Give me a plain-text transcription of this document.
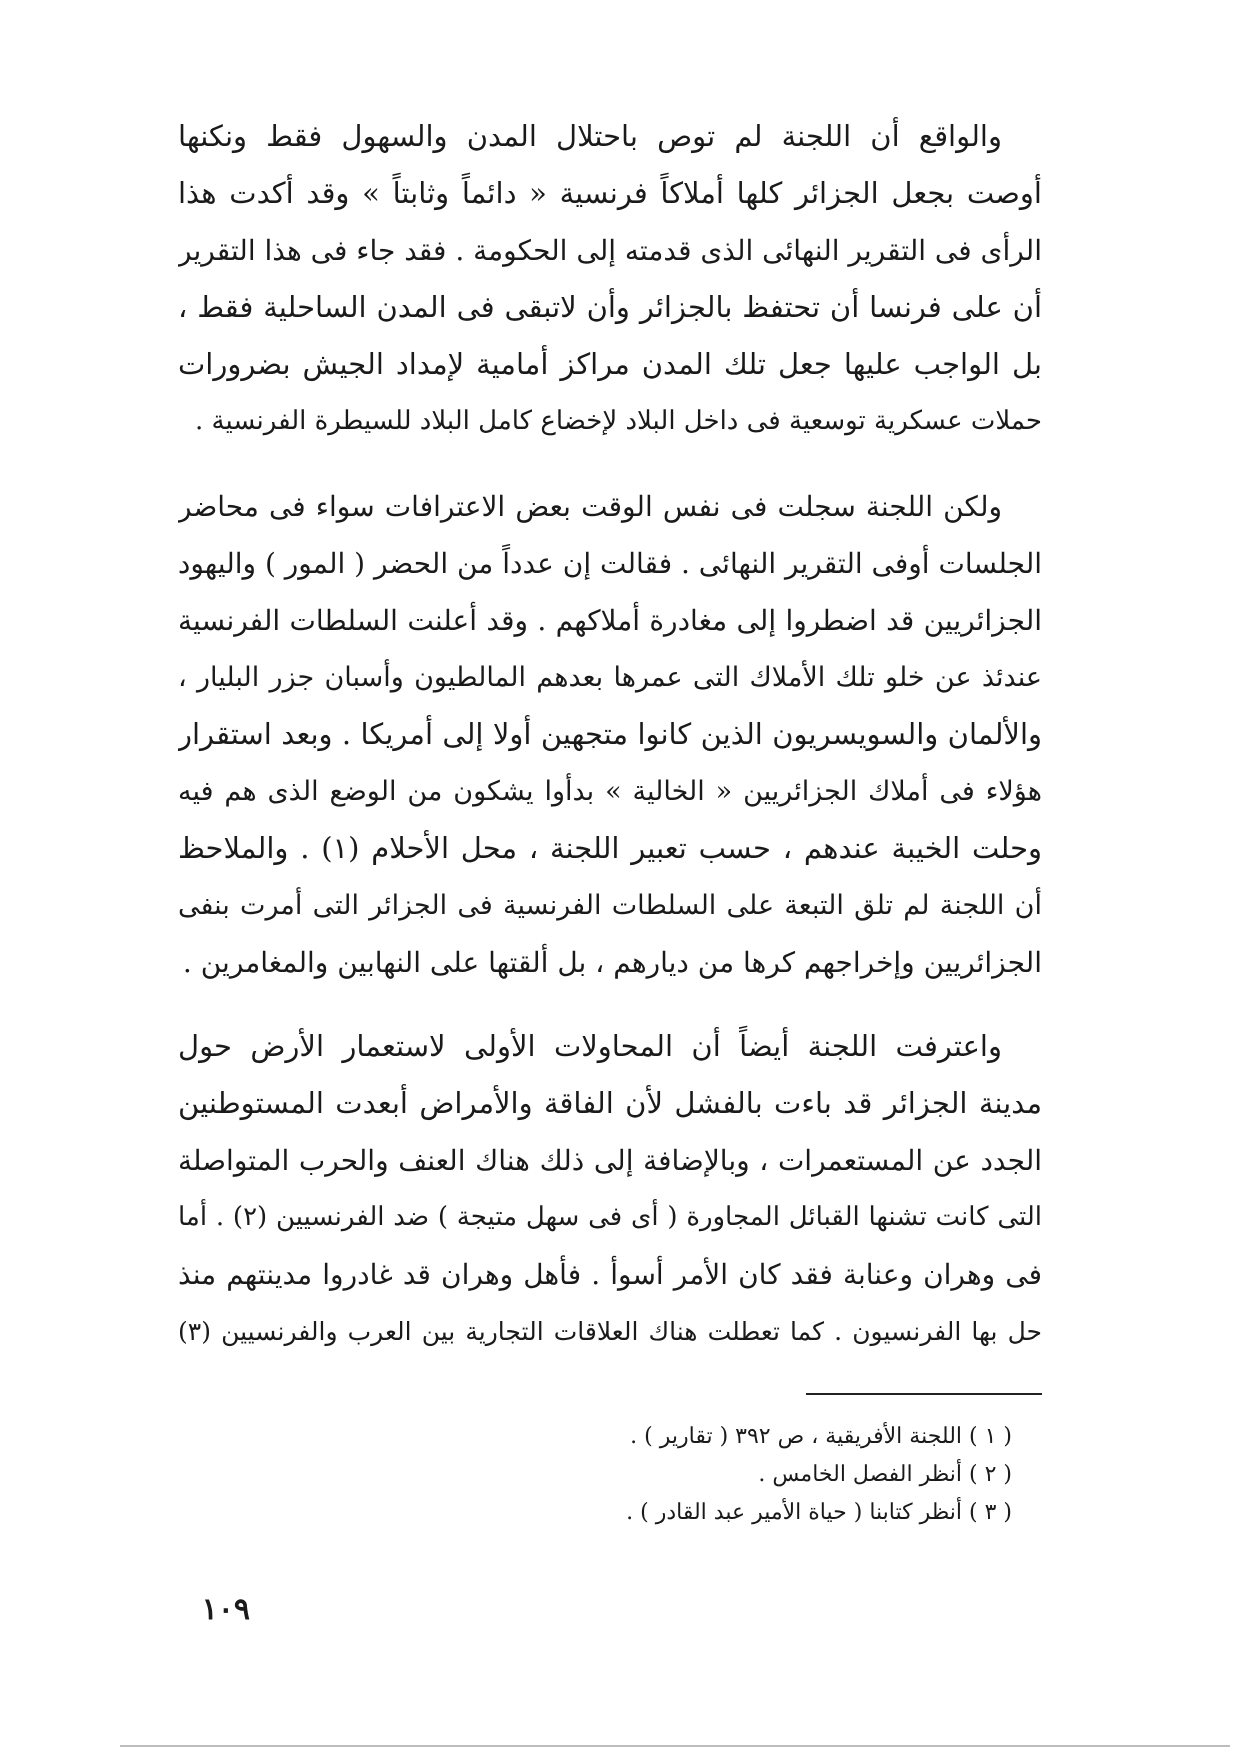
والواقع أن اللجنة لم توص باحتلال المدن والسهول فقط ونكنها
أوصت بجعل الجزائر كلها أملاكاً فرنسية « دائماً وثابتاً » وقد أكدت هذا
الرأى فى التقرير النهائى الذى قدمته إلى الحكومة . فقد جاء فى هذا التقرير
أن على فرنسا أن تحتفظ بالجزائر وأن لاتبقى فى المدن الساحلية فقط ،
بل الواجب عليها جعل تلك المدن مراكز أمامية لإمداد الجيش بضرورات
حملات عسكرية توسعية فى داخل البلاد لإخضاع كامل البلاد للسيطرة الفرنسية .
ولكن اللجنة سجلت فى نفس الوقت بعض الاعترافات سواء فى محاضر
الجلسات أوفى التقرير النهائى . فقالت إن عدداً من الحضر ( المور ) واليهود
الجزائريين قد اضطروا إلى مغادرة أملاكهم . وقد أعلنت السلطات الفرنسية
عندئذ عن خلو تلك الأملاك التى عمرها بعدهم المالطيون وأسبان جزر البليار ،
والألمان والسويسريون الذين كانوا متجهين أولا إلى أمريكا . وبعد استقرار
هؤلاء فى أملاك الجزائريين « الخالية » بدأوا يشكون من الوضع الذى هم فيه
وحلت الخيبة عندهم ، حسب تعبير اللجنة ، محل الأحلام (١) . والملاحظ
أن اللجنة لم تلق التبعة على السلطات الفرنسية فى الجزائر التى أمرت بنفى
الجزائريين وإخراجهم كرها من ديارهم ، بل ألقتها على النهابين والمغامرين .
واعترفت اللجنة أيضاً أن المحاولات الأولى لاستعمار الأرض حول
مدينة الجزائر قد باءت بالفشل لأن الفاقة والأمراض أبعدت المستوطنين
الجدد عن المستعمرات ، وبالإضافة إلى ذلك هناك العنف والحرب المتواصلة
التى كانت تشنها القبائل المجاورة ( أى فى سهل متيجة ) ضد الفرنسيين (٢) . أما
فى وهران وعنابة فقد كان الأمر أسوأ . فأهل وهران قد غادروا مدينتهم منذ
حل بها الفرنسيون . كما تعطلت هناك العلاقات التجارية بين العرب والفرنسيين (٣)
( ١ ) اللجنة الأفريقية ، ص ٣٩٢ ( تقارير ) .
( ٢ ) أنظر الفصل الخامس .
( ٣ ) أنظر كتابنا ( حياة الأمير عبد القادر ) .
١٠٩
